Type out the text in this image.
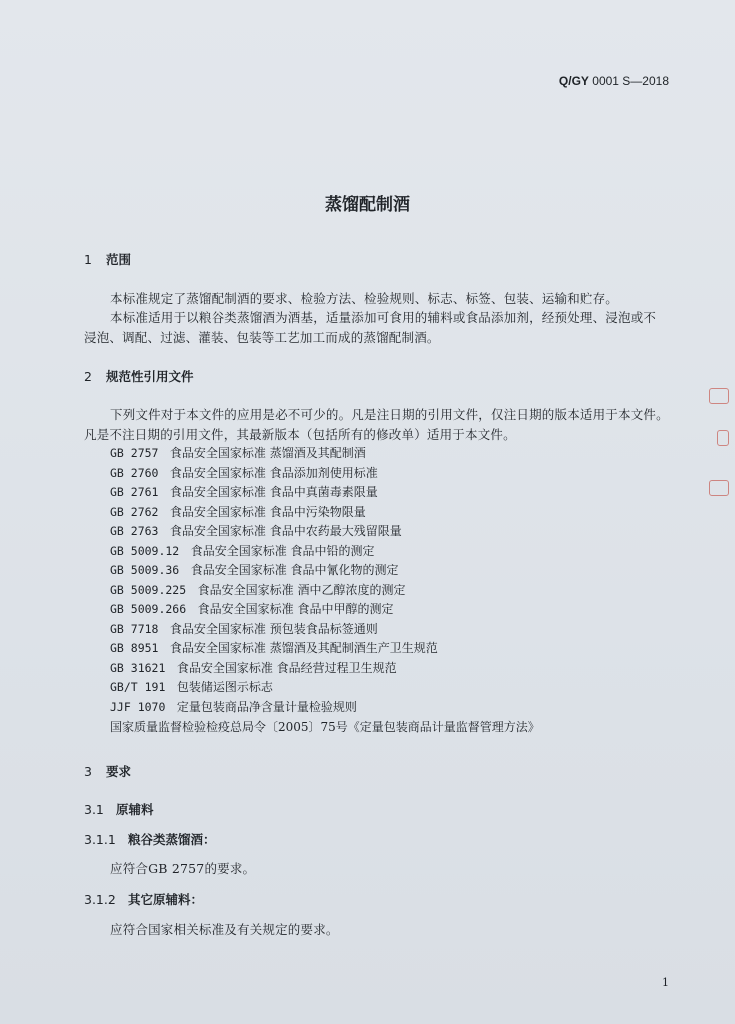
Q/GY 0001 S—2018
蒸馏配制酒
1 范围
本标准规定了蒸馏配制酒的要求、检验方法、检验规则、标志、标签、包装、运输和贮存。
本标准适用于以粮谷类蒸馏酒为酒基，适量添加可食用的辅料或食品添加剂，经预处理、浸泡或不
浸泡、调配、过滤、灌装、包装等工艺加工而成的蒸馏配制酒。
2 规范性引用文件
下列文件对于本文件的应用是必不可少的。凡是注日期的引用文件，仅注日期的版本适用于本文件。
凡是不注日期的引用文件，其最新版本（包括所有的修改单）适用于本文件。
GB 2757 食品安全国家标准 蒸馏酒及其配制酒
GB 2760 食品安全国家标准 食品添加剂使用标准
GB 2761 食品安全国家标准 食品中真菌毒素限量
GB 2762 食品安全国家标准 食品中污染物限量
GB 2763 食品安全国家标准 食品中农药最大残留限量
GB 5009.12 食品安全国家标准 食品中铅的测定
GB 5009.36 食品安全国家标准 食品中氰化物的测定
GB 5009.225 食品安全国家标准 酒中乙醇浓度的测定
GB 5009.266 食品安全国家标准 食品中甲醇的测定
GB 7718 食品安全国家标准 预包装食品标签通则
GB 8951 食品安全国家标准 蒸馏酒及其配制酒生产卫生规范
GB 31621 食品安全国家标准 食品经营过程卫生规范
GB/T 191 包装储运图示标志
JJF 1070 定量包装商品净含量计量检验规则
国家质量监督检验检疫总局令〔2005〕75号《定量包装商品计量监督管理方法》
3 要求
3.1 原辅料
3.1.1 粮谷类蒸馏酒：
应符合GB 2757的要求。
3.1.2 其它原辅料：
应符合国家相关标准及有关规定的要求。
1
